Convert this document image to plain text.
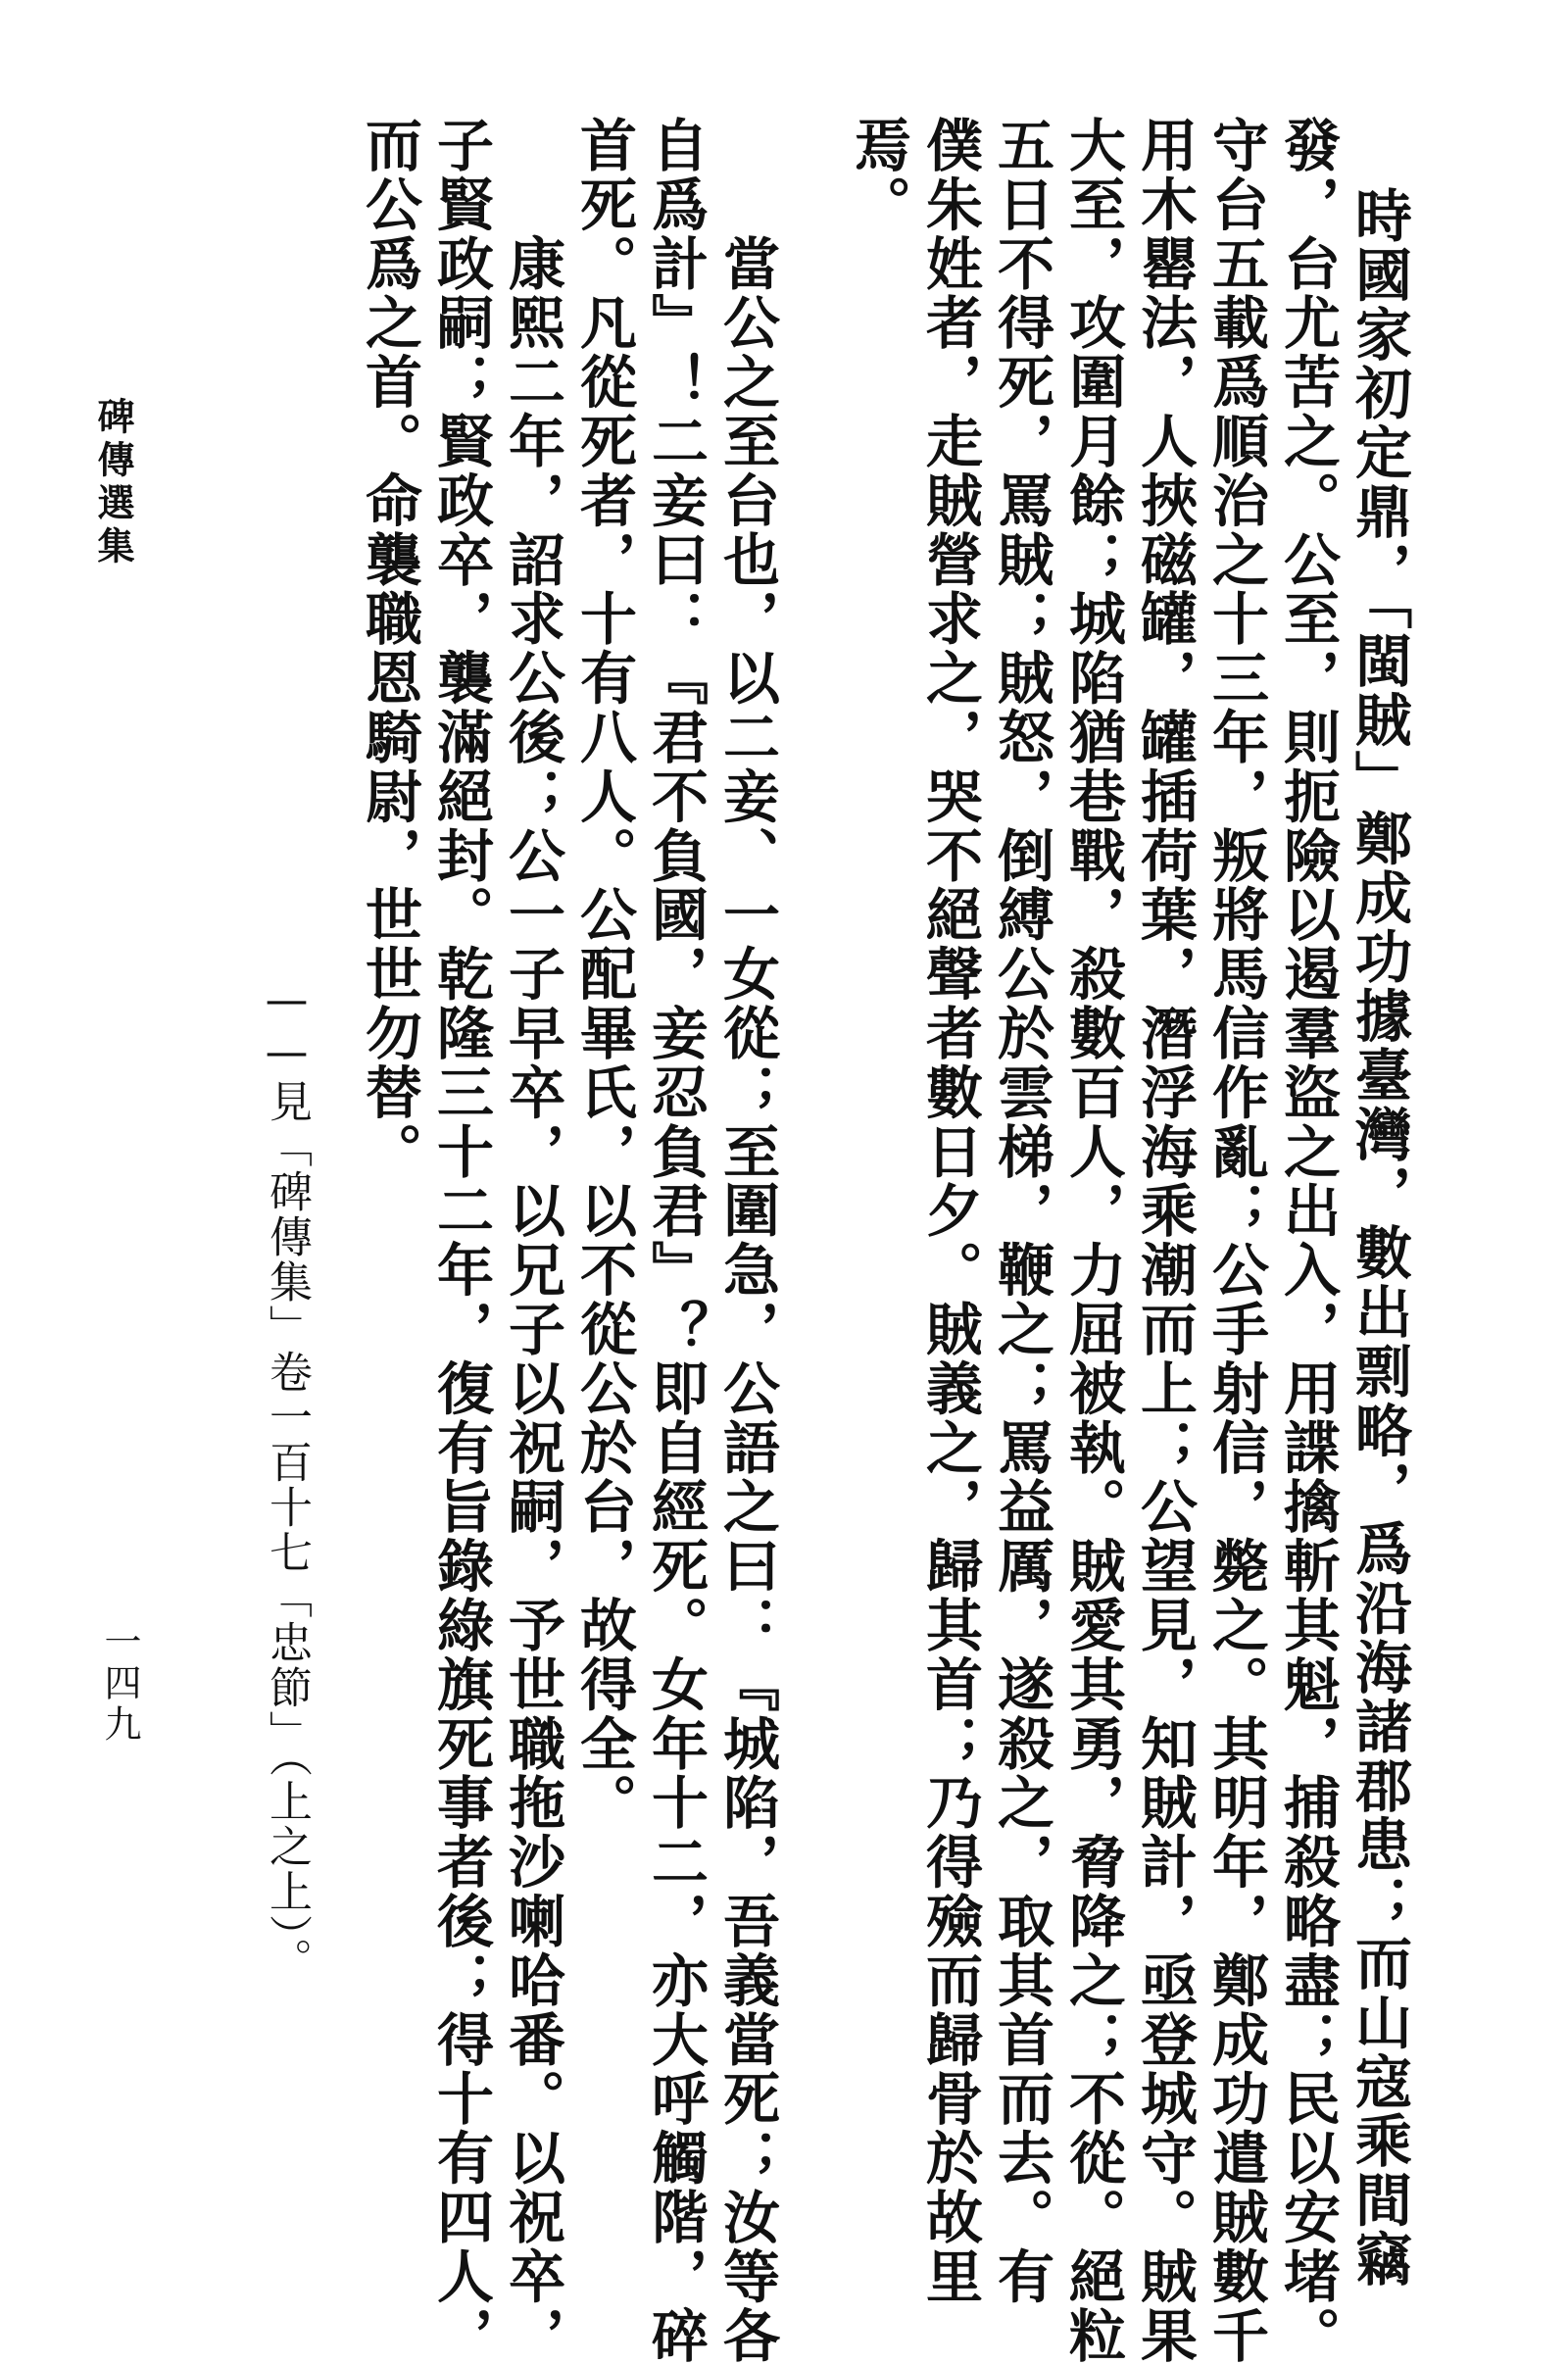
時國家初定鼎，「閩賊」鄭成功據臺灣，數出剽略，爲沿海諸郡患；而山寇乘間竊
發，台尤苦之。公至，則扼險以遏羣盜之出入，用諜擒斬其魁，捕殺略盡；民以安堵。
守台五載爲順治之十三年，叛將馬信作亂；公手射信，斃之。其明年，鄭成功遣賊數千
用木罌法，人挾磁罐，罐插荷葉，潛浮海乘潮而上；公望見，知賊計，亟登城守。賊果
大至，攻圍月餘；城陷猶巷戰，殺數百人，力屈被執。賊愛其勇，脅降之；不從。絕粒
五日不得死，罵賊；賊怒，倒縛公於雲梯，鞭之；罵益厲，遂殺之，取其首而去。有
僕朱姓者，走賊營求之，哭不絕聲者數日夕。賊義之，歸其首；乃得殮而歸骨於故里
焉。
　　當公之至台也，以二妾、一女從；至圍急，公語之曰：『城陷，吾義當死；汝等各
自爲計』！二妾曰：『君不負國，妾忍負君』？即自經死。女年十二，亦大呼觸階，碎
首死。凡從死者，十有八人。公配畢氏，以不從公於台，故得全。
　　康熙二年，詔求公後；公一子早卒，以兄子以祝嗣，予世職拖沙喇哈番。以祝卒，
子賢政嗣；賢政卒，襲滿絕封。乾隆三十二年，復有旨錄綠旗死事者後；得十有四人，
而公爲之首。命襲職恩騎尉，世世勿替。
——見「碑傳集」卷一百十七「忠節」（上之上）。
碑傳選集
一四九
